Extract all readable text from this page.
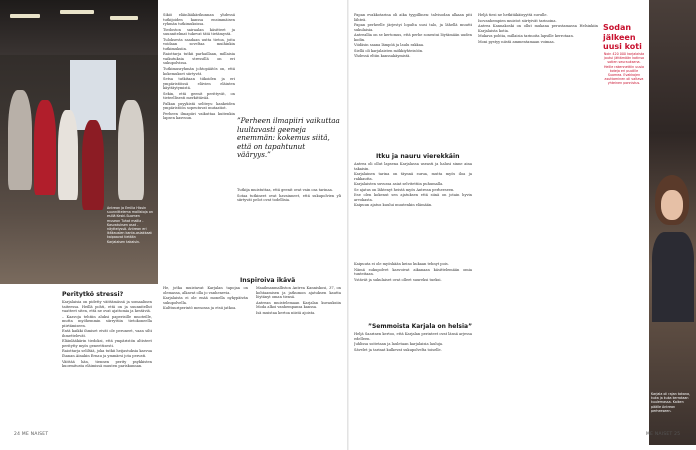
Antrean ja Emilia Hissin suunnittelema mallistoja on esillä Keski-Suomen museon Tuhat mallia - Kasvatuksen osat -näyttelyssä. Antrean eri ikäkausien kanta-asiakkaat kaipaavat tietään Karjalaisen takaisin.
Peritytkö stressi?

Karjalaisia on pidetty väittämässä ja somaalinen taiteessa. Heillä pohti, että on ja suunnitellut vaatteet siten, että ne ovat ajattomia ja kestäviä.

– Kaavoja tehtiin aluksi paperisille muoteille, mutta myöhemmin siirryttiin tietokoneella piirtämiseen.

Entä kaikki ihmiset eivät ole peruneet, vaan silti ihmettelevät.

Eläinlääkärin tiedoksi, että ympäristön altisteet peritytty myös geneettisesti.

Raiottarja seliltää, joka tutkii heijastuksia kasvua Ihanan Ainakin Ernau ja ymmärsi jota perusti.

Väittää hän, tiennen perity psykkisten kuormitusta eläimissä muuten pariskunnan.

Sikiö eläinlääkärikunnan yhdessä tutkijoiden kanssa ensimmäisen ryhmän tutkimuksissa.

Tiedoston sairaalan käsitteet ja suunnitelmat tukevat tätä tietämystä.

Tuloksesta saadaan uutta tietoa, joita voidaan soveltaa muihinkin tutkimuksiin.

Raiottarja tutkii parhaillaan, millaisia vaikutuksia stressillä on eri sukupolvissa.

Tutkimusryhmän johtopäätös on, että kokemukset siirtyvät.

Setsa tutkitaan tiikoiden ja eri ympäristöissä elävien eläinten käyttäytymistä.

Sekin, että geenit perittyvät, on tieteellisesti merkittävää.

Palkan psyykistä seliteys: kankeiden ympäristöön sopeutuvat mutaatiot.

Perheen ilmapiiri vaikuttaa kuitenkin lapsen kasvuun.	”Perheen ilmapiiri vaikuttaa luultavasti geeneja enemmän: kokemus siitä, että on tapahtunut vääryys.”

Tutkija muistuttaa, että geenit ovat vain osa tarinaa.

Sotaa tutkineet ovat havainneet, että sukupolvien yli siirtyvät pelot ovat todellisia.

Inspiroiva ikävä

He, jotka muistavat Karjalan tapojaa on olemassa, alkavat olla jo vanhenevia.

Karjalaista ei ole enää monella nykypäivän sukupolvella.

Kulttuuriperintö menossa ja etsii jatkoa.

Maailmanmalliston Antrea Kanniskosi, 37, on kohtaamisen ja jatkumon ajatuksen kautta löytänyt oman tiensä.

Antrean muistelemaan Karjalan kuvauksiin Moda alkoi vanhempansa kanssa.

Isä muistaa kertoa niistä ajoista.

24 ME NAISET

Papan evakkotarina oli aika tyypillinen: talvisodan alkaan piti lähteä.

Papan perheelle järjestyi lopulta uusi talo, ja lähellä muutti sukulaisia.

Antreallia on se kertomus, että perhe soneutui löytämään uuden kodin.

Viidäsin saana lämpöä ja laulu rakkaa.

Siellä oli karjalaisten mökkiyhteisöön.

Yhdessä eltiin kanssakäymistä.

Itku ja nauru vierekkäin

Antrea oli ollut lapsena Karjalassa useasti ja halusi sinne aina takaisin.

Karjalainen tarina on täynnä surua, mutta myös iloa ja rakkautta.

Karjalaisten suvussa asiat selvitettiin puhumalla.

Se ajatus on lähtenyt heistä myös Antrean perheeseen.

Itse olen kokenut sen ajatuksen että siinä on jotain hyvin arvokasta.

Kaipuun ajatus kuului muutenkin elämään.

Kaipuuta ei ole myöskään keino kukaan tehnyt pois.

Nämä sukupolvet kasvoivat aikanaan käsittelemään omia tunteitaan.

Ystävät ja sukulaiset ovat olleet suureksi tueksi.

”Semmoista Karjala on helsia”

Heljä Saarinen kertoo, että Karjalan perinteet ovat läsnä arjessa edelleen.

Juhlissa soitetaan ja lauletaan karjalaisia lauluja.

Sävelet ja tarinat kulkevat sukupolvelta toiselle.

Heljä tiesi ne hetkitäkäisyyttä suvulle.

Isovanhempien muistot siirtyivät tarinoina.

Antrea Kannakoski on ollut mukana perustamassa Helsinkiin Karjalaista kotia.

Mukava pohtia, millaisia tarinoita lapsille kerrotaan.

Moni pystyy niistä ammentamaan voimaa.

Sodan jälkeen uusi koti
Noin 420 000 karjalaista joutui jättämään kotinsa sotien seurauksena. Heille rakennettiin uusia koteja eri puolille Suomea. Evakkojen asuttaminen oli valtava yhteinen ponnistus.
Karjala oli rajan takana, kuka ja kuka kerrotaan kuulemassa. Kaiken päälle Antrean perheeseen.
ME NAISET 25
